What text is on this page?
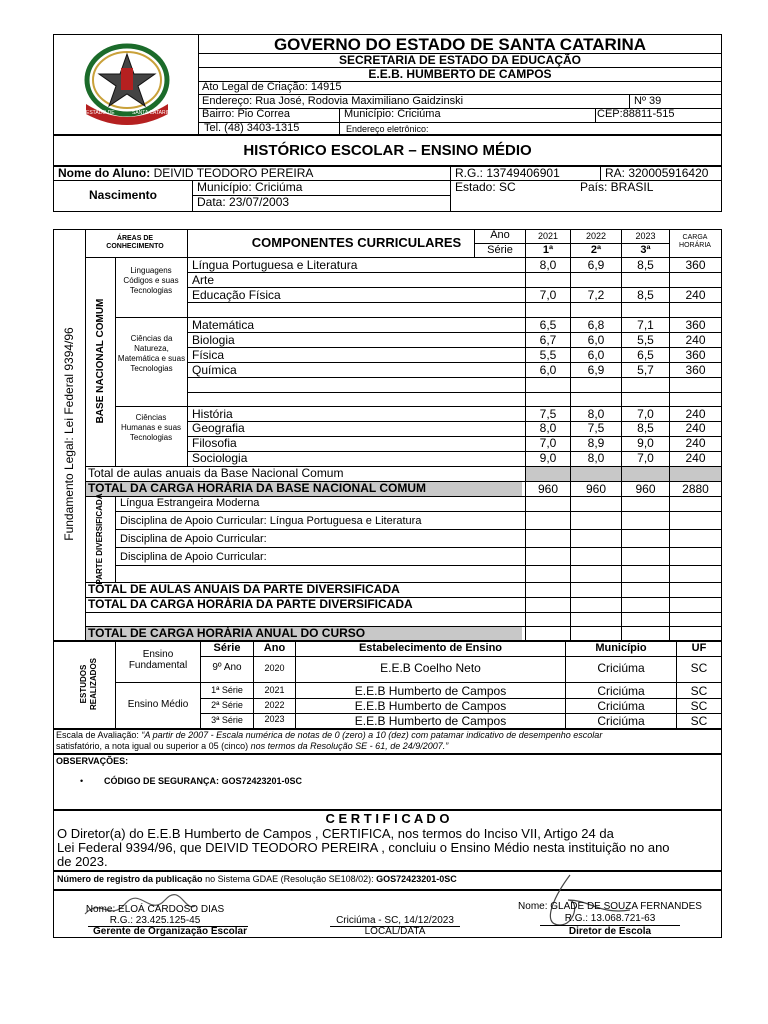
ESTADO DE	SANTA CATARINA
GOVERNO DO ESTADO DE SANTA CATARINA
SECRETARIA DE ESTADO DA EDUCAÇÃO
E.E.B. HUMBERTO DE CAMPOS
Ato Legal de Criação: 14915
Endereço: Rua José, Rodovia Maximiliano Gaidzinski	Nº 39
Bairro: Pio Correa	Município: Criciúma	CEP:88811-515
Tel. (48) 3403-1315	Endereço eletrônico:
HISTÓRICO ESCOLAR – ENSINO MÉDIO
Nome do Aluno: DEIVID TEODORO PEREIRA	R.G.: 13749406901	RA: 320005916420
Nascimento
Município: Criciúma
Data: 23/07/2003
Estado: SC	País: BRASIL
Fundamento Legal: Lei Federal 9394/96
ÁREAS DE CONHECIMENTO	COMPONENTES CURRICULARES	Ano
Série
2021	2022	2023
1ª	2ª	3ª
CARGA HORÁRIA
BASE NACIONAL COMUM
Linguagens Códigos e suas Tecnologias
Ciências da Natureza, Matemática e suas Tecnologias
Ciências Humanas e suas Tecnologias
Língua Portuguesa e Literatura	8,0	6,9	8,5	360
Arte
Educação Física	7,0	7,2	8,5	240
Matemática	6,5	6,8	7,1	360
Biologia	6,7	6,0	5,5	240
Física	5,5	6,0	6,5	360
Química	6,0	6,9	5,7	360
História	7,5	8,0	7,0	240
Geografia	8,0	7,5	8,5	240
Filosofia	7,0	8,9	9,0	240
Sociologia	9,0	8,0	7,0	240
Total de aulas anuais da Base Nacional Comum
TOTAL DA CARGA HORÁRIA DA BASE NACIONAL COMUM	960	960	960	2880
PARTE DIVERSIFICADA Língua Estrangeira Moderna
Disciplina de Apoio Curricular: Língua Portuguesa e Literatura
Disciplina de Apoio Curricular:
Disciplina de Apoio Curricular:
TOTAL DE AULAS ANUAIS DA PARTE DIVERSIFICADA
TOTAL DA CARGA HORÁRIA DA PARTE DIVERSIFICADA
TOTAL DE CARGA HORÁRIA ANUAL DO CURSO
ESTUDOS REALIZADOS
Série	Ano	Estabelecimento de Ensino	Município	UF
Ensino Fundamental	9º Ano	2020	E.E.B Coelho Neto	Criciúma	SC
Ensino Médio
1ª Série	2021	E.E.B Humberto de Campos	Criciúma	SC
2ª Série	2022	E.E.B Humberto de Campos	Criciúma	SC
3ª Série	2023	E.E.B Humberto de Campos	Criciúma	SC
Escala de Avaliação: “A partir de 2007 - Escala numérica de notas de 0 (zero) a 10 (dez) com patamar indicativo de desempenho escolar
satisfatório, a nota igual ou superior a 05 (cinco) nos termos da Resolução SE - 61, de 24/9/2007.”
OBSERVAÇÕES:
• CÓDIGO DE SEGURANÇA: GOS72423201-0SC
C E R T I F I C A D O
O Diretor(a) do E.E.B Humberto de Campos , CERTIFICA, nos termos do Inciso VII, Artigo 24 da
Lei Federal 9394/96, que DEIVID TEODORO PEREIRA , concluiu o Ensino Médio nesta instituição no ano
de 2023.
Número de registro da publicação no Sistema GDAE (Resolução SE108/02): GOS72423201-0SC
Nome: ELOÁ CARDOSO DIAS
R.G.: 23.425.125-45
Gerente de Organização Escolar
Criciúma - SC, 14/12/2023
LOCAL/DATA
Nome: GLADE DE SOUZA FERNANDES
R.G.: 13.068.721-63
Diretor de Escola
